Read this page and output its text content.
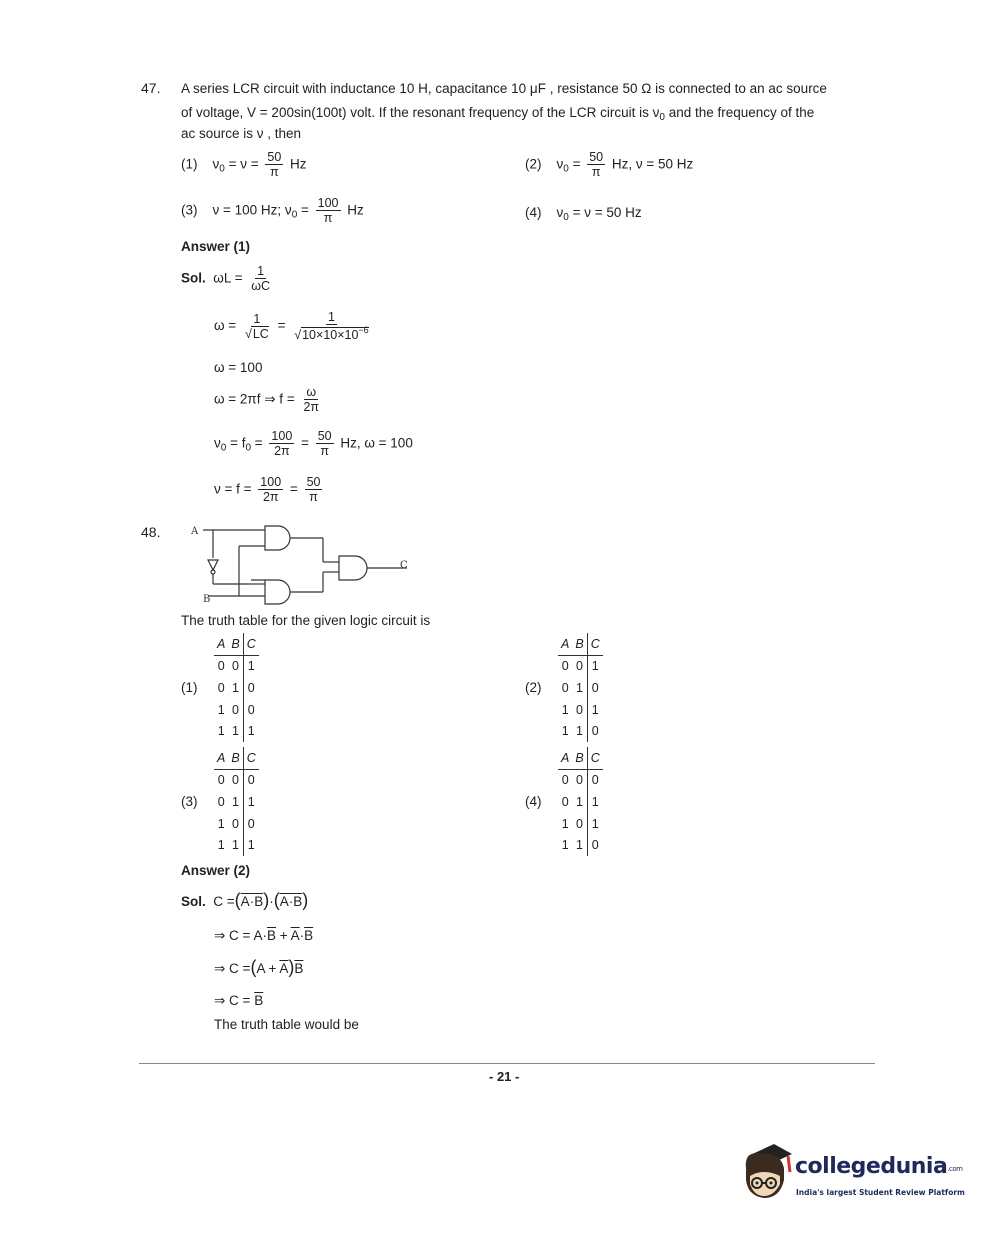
47. A series LCR circuit with inductance 10 H, capacitance 10 μF , resistance 50 Ω is connected to an ac source
of voltage, V = 200sin(100t) volt. If the resonant frequency of the LCR circuit is $\nu_0$ and the frequency of the
ac source is ν , then
(1) $\nu_0 = \nu = \frac{50}{\pi}$ Hz	(2) $\nu_0 = \frac{50}{\pi} Hz$, ν = 50 Hz
(3) ν = 100 Hz; $\nu_0 = \frac{100}{\pi}$ Hz	(4) $\nu_0 = \nu = 50$ Hz
Answer (1)
Sol. $\omega L = \frac{1}{\omega C}$
$\omega = \frac{1}{√LC} = \frac{1}{√10\times 10\times 10^{-6}}$
ω = 100
ω = 2πf ⇒ $f = \frac{\omega}{2\pi}$
$\nu_0 = f_0 = \frac{100}{2\pi} = \frac{50}{\pi} Hz$, ω = 100
$\nu = f = \frac{100}{2\pi} = \frac{50}{\pi}$
48.	A
B
C
The truth table for the given logic circuit is
(1)
A	B	C
0	0	1
0	1	0
1	0	0
1	1	1
(2)
A	B	C
0	0	1
0	1	0
1	0	1
1	1	0
(3)
A	B	C
0	0	0
0	1	1
1	0	0
1	1	1
(4)
A	B	C
0	0	0
0	1	1
1	0	1
1	1	0
Answer (2)
Sol. C =(A·B)·(A·B)
⇒ $C = A\cdot\overline{B} + \overline{A}\cdot\overline{B}$
⇒ $C =(A + \overline{A})\overline{B}$
⇒ $C = \overline{B}$
The truth table would be
- 21 -
collegedunia.com
India's largest Student Review Platform
